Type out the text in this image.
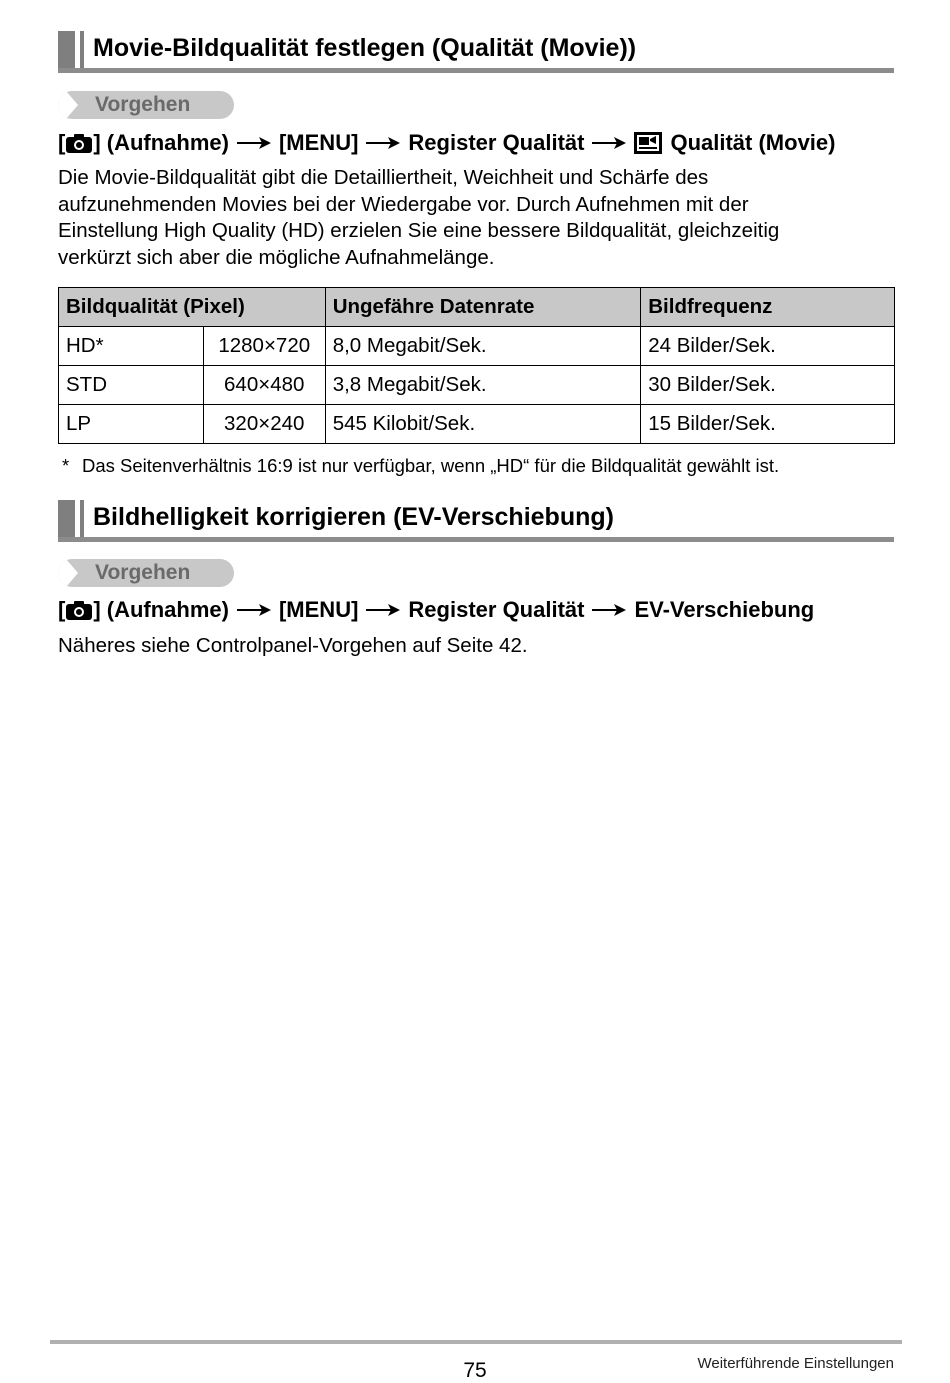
Movie-Bildqualität festlegen (Qualität (Movie))
Vorgehen
[ ] (Aufnahme) [MENU] Register Qualität	Qualität (Movie)
Die Movie-Bildqualität gibt die Detailliertheit, Weichheit und Schärfe des
aufzunehmenden Movies bei der Wiedergabe vor. Durch Aufnehmen mit der
Einstellung High Quality (HD) erzielen Sie eine bessere Bildqualität, gleichzeitig
verkürzt sich aber die mögliche Aufnahmelänge.
Bildqualität (Pixel)		Ungefähre Datenrate	Bildfrequenz
HD*	1280×720	8,0 Megabit/Sek.	24 Bilder/Sek.
STD	640×480	3,8 Megabit/Sek.	30 Bilder/Sek.
LP	320×240	545 Kilobit/Sek.	15 Bilder/Sek.
* Das Seitenverhältnis 16:9 ist nur verfügbar, wenn „HD“ für die Bildqualität gewählt ist.
Bildhelligkeit korrigieren (EV-Verschiebung)
Vorgehen
[ ] (Aufnahme) [MENU] Register Qualität EV-Verschiebung
Näheres siehe Controlpanel-Vorgehen auf Seite 42.
75	Weiterführende Einstellungen
